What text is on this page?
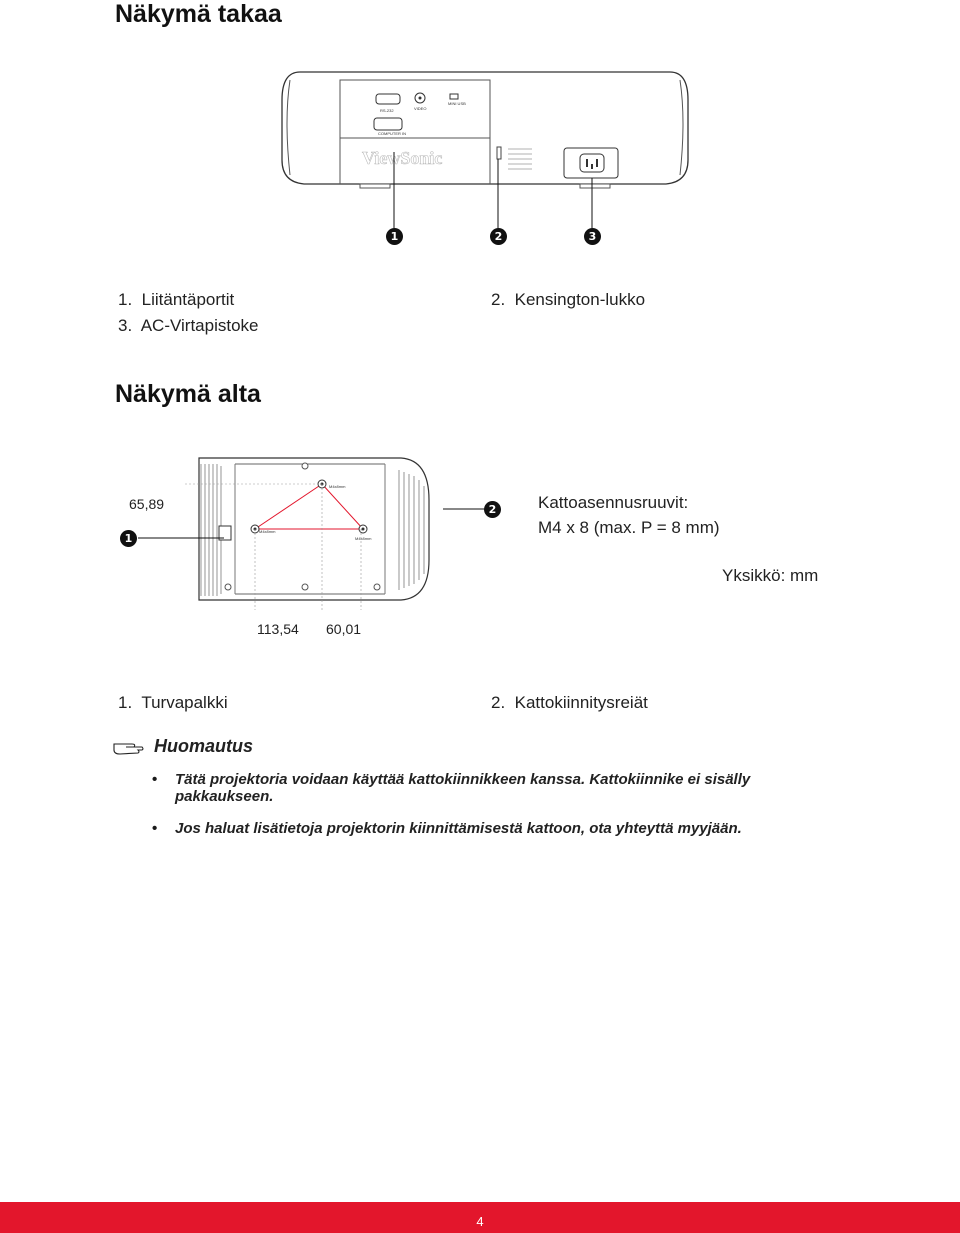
Näkymä takaa
RS-232	VIDEO
MINI USB
COMPUTER IN
ViewSonic
1	2	3
1. Liitäntäportit	2. Kensington-lukko
3. AC-Virtapistoke
Näkymä alta
M4x8mm
M4x8mm
M4x8mm
65,89
113,54 60,01
1
2 Kattoasennusruuvit:
M4 x 8 (max. P = 8 mm)
Yksikkö: mm
1. Turvapalkki	2. Kattokiinnitysreiät
Huomautus
• Tätä projektoria voidaan käyttää kattokiinnikkeen kanssa. Kattokiinnike ei sisälly pakkaukseen.
• Jos haluat lisätietoja projektorin kiinnittämisestä kattoon, ota yhteyttä myyjään.
4
